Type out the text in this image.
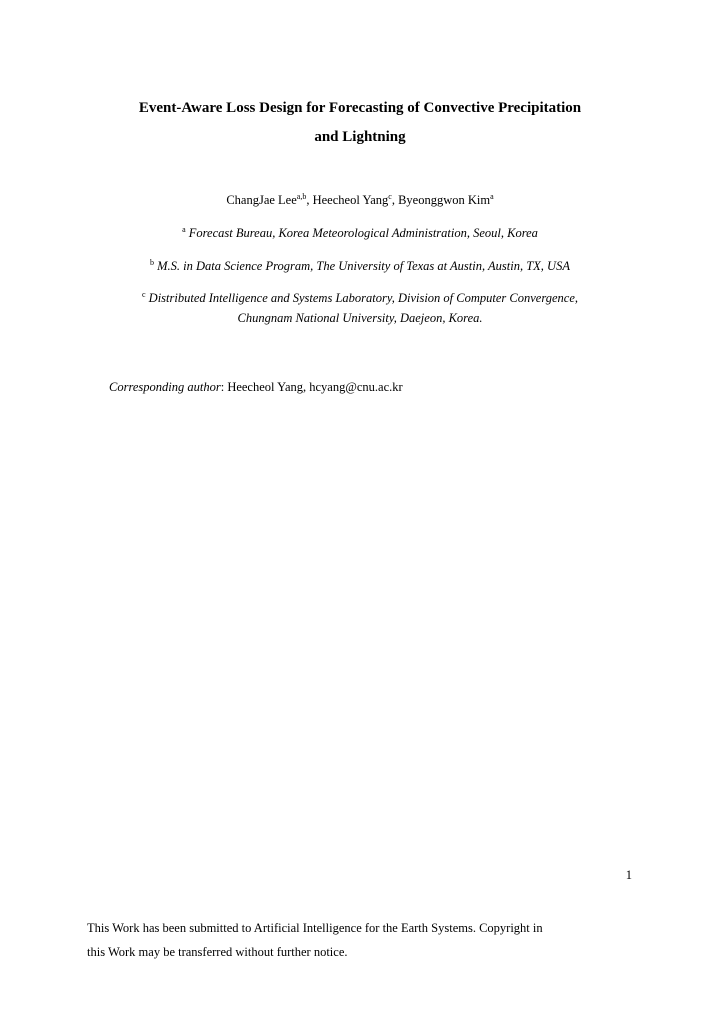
Event-Aware Loss Design for Forecasting of Convective Precipitation
and Lightning
ChangJae Lee$^{a,b}$, Heecheol Yang$^c$, Byeonggwon Kim$^a$
$^a$ Forecast Bureau, Korea Meteorological Administration, Seoul, Korea
$^b$ M.S. in Data Science Program, The University of Texas at Austin, Austin, TX, USA
$^c$ Distributed Intelligence and Systems Laboratory, Division of Computer Convergence,
Chungnam National University, Daejeon, Korea.
Corresponding author: Heecheol Yang, hcyang@cnu.ac.kr
1
This Work has been submitted to Artificial Intelligence for the Earth Systems. Copyright in
this Work may be transferred without further notice.
